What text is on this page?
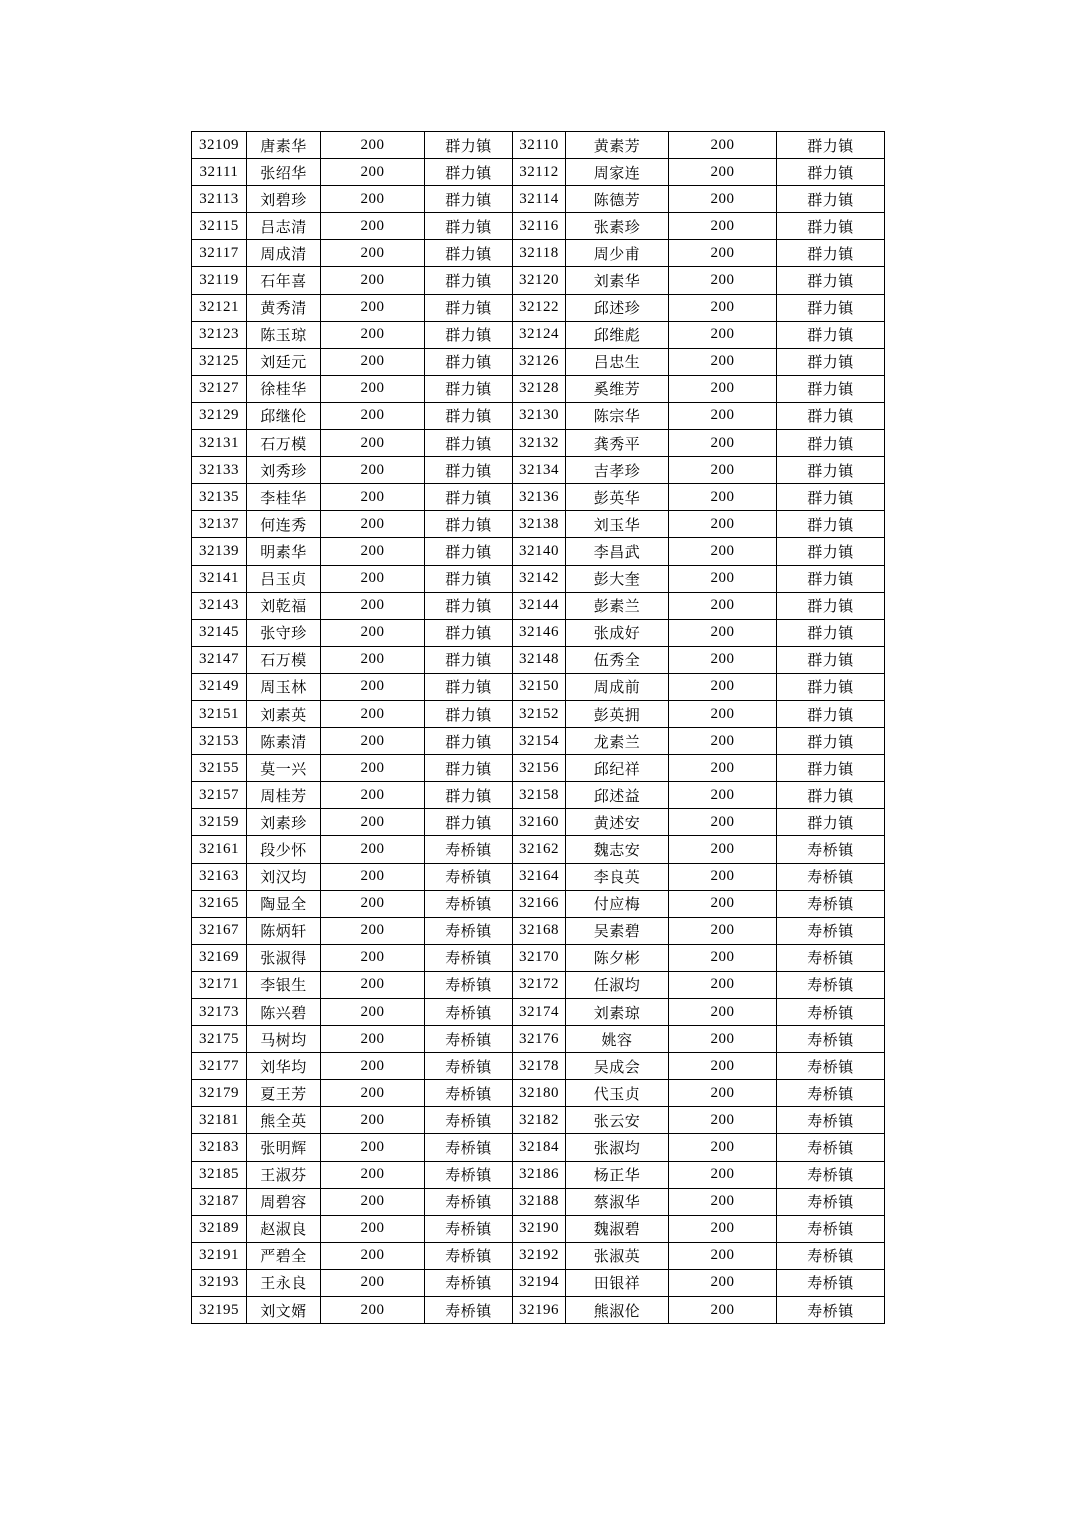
32109	唐素华	200	群力镇	32110	黄素芳	200	群力镇
32111	张绍华	200	群力镇	32112	周家连	200	群力镇
32113	刘碧珍	200	群力镇	32114	陈德芳	200	群力镇
32115	吕志清	200	群力镇	32116	张素珍	200	群力镇
32117	周成清	200	群力镇	32118	周少甫	200	群力镇
32119	石年喜	200	群力镇	32120	刘素华	200	群力镇
32121	黄秀清	200	群力镇	32122	邱述珍	200	群力镇
32123	陈玉琼	200	群力镇	32124	邱维彪	200	群力镇
32125	刘廷元	200	群力镇	32126	吕忠生	200	群力镇
32127	徐桂华	200	群力镇	32128	奚维芳	200	群力镇
32129	邱继伦	200	群力镇	32130	陈宗华	200	群力镇
32131	石万模	200	群力镇	32132	龚秀平	200	群力镇
32133	刘秀珍	200	群力镇	32134	吉孝珍	200	群力镇
32135	李桂华	200	群力镇	32136	彭英华	200	群力镇
32137	何连秀	200	群力镇	32138	刘玉华	200	群力镇
32139	明素华	200	群力镇	32140	李昌武	200	群力镇
32141	吕玉贞	200	群力镇	32142	彭大奎	200	群力镇
32143	刘乾福	200	群力镇	32144	彭素兰	200	群力镇
32145	张守珍	200	群力镇	32146	张成好	200	群力镇
32147	石万模	200	群力镇	32148	伍秀全	200	群力镇
32149	周玉林	200	群力镇	32150	周成前	200	群力镇
32151	刘素英	200	群力镇	32152	彭英拥	200	群力镇
32153	陈素清	200	群力镇	32154	龙素兰	200	群力镇
32155	莫一兴	200	群力镇	32156	邱纪祥	200	群力镇
32157	周桂芳	200	群力镇	32158	邱述益	200	群力镇
32159	刘素珍	200	群力镇	32160	黄述安	200	群力镇
32161	段少怀	200	寿桥镇	32162	魏志安	200	寿桥镇
32163	刘汉均	200	寿桥镇	32164	李良英	200	寿桥镇
32165	陶显全	200	寿桥镇	32166	付应梅	200	寿桥镇
32167	陈炳轩	200	寿桥镇	32168	吴素碧	200	寿桥镇
32169	张淑得	200	寿桥镇	32170	陈夕彬	200	寿桥镇
32171	李银生	200	寿桥镇	32172	任淑均	200	寿桥镇
32173	陈兴碧	200	寿桥镇	32174	刘素琼	200	寿桥镇
32175	马树均	200	寿桥镇	32176	姚容	200	寿桥镇
32177	刘华均	200	寿桥镇	32178	吴成会	200	寿桥镇
32179	夏王芳	200	寿桥镇	32180	代玉贞	200	寿桥镇
32181	熊全英	200	寿桥镇	32182	张云安	200	寿桥镇
32183	张明辉	200	寿桥镇	32184	张淑均	200	寿桥镇
32185	王淑芬	200	寿桥镇	32186	杨正华	200	寿桥镇
32187	周碧容	200	寿桥镇	32188	蔡淑华	200	寿桥镇
32189	赵淑良	200	寿桥镇	32190	魏淑碧	200	寿桥镇
32191	严碧全	200	寿桥镇	32192	张淑英	200	寿桥镇
32193	王永良	200	寿桥镇	32194	田银祥	200	寿桥镇
32195	刘文婿	200	寿桥镇	32196	熊淑伦	200	寿桥镇
